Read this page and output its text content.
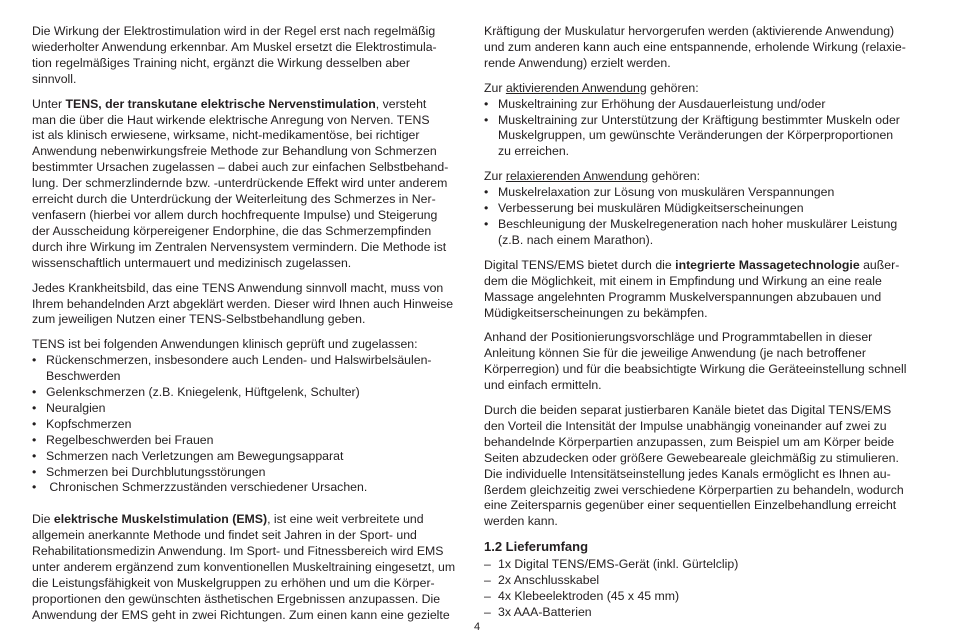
Die Wirkung der Elektrostimulation wird in der Regel erst nach regelmäßig
wiederholter Anwendung erkennbar. Am Muskel ersetzt die Elektrostimula-
tion regelmäßiges Training nicht, ergänzt die Wirkung desselben aber
sinnvoll.

Unter TENS, der transkutane elektrische Nervenstimulation, versteht
man die über die Haut wirkende elektrische Anregung von Nerven. TENS
ist als klinisch erwiesene, wirksame, nicht-medikamentöse, bei richtiger
Anwendung nebenwirkungsfreie Methode zur Behandlung von Schmerzen
bestimmter Ursachen zugelassen – dabei auch zur einfachen Selbstbehand-
lung. Der schmerzlindernde bzw. -unterdrückende Effekt wird unter anderem
erreicht durch die Unterdrückung der Weiterleitung des Schmerzes in Ner-
venfasern (hierbei vor allem durch hochfrequente Impulse) und Steigerung
der Ausscheidung körpereigener Endorphine, die das Schmerzempfinden
durch ihre Wirkung im Zentralen Nervensystem vermindern. Die Methode ist
wissenschaftlich untermauert und medizinisch zugelassen.

Jedes Krankheitsbild, das eine TENS Anwendung sinnvoll macht, muss von
Ihrem behandelnden Arzt abgeklärt werden. Dieser wird Ihnen auch Hinweise
zum jeweiligen Nutzen einer TENS-Selbstbehandlung geben.

TENS ist bei folgenden Anwendungen klinisch geprüft und zugelassen:

• Rückenschmerzen, insbesondere auch Lenden- und Halswirbelsäulen-
Beschwerden
• Gelenkschmerzen (z.B. Kniegelenk, Hüftgelenk, Schulter)
• Neuralgien
• Kopfschmerzen
• Regelbeschwerden bei Frauen
• Schmerzen nach Verletzungen am Bewegungsapparat
• Schmerzen bei Durchblutungsstörungen
•  Chronischen Schmerzzuständen verschiedener Ursachen.

Die elektrische Muskelstimulation (EMS), ist eine weit verbreitete und
allgemein anerkannte Methode und findet seit Jahren in der Sport- und
Rehabilitationsmedizin Anwendung. Im Sport- und Fitnessbereich wird EMS
unter anderem ergänzend zum konventionellen Muskeltraining eingesetzt, um
die Leistungsfähigkeit von Muskelgruppen zu erhöhen und um die Körper-
proportionen den gewünschten ästhetischen Ergebnissen anzupassen. Die
Anwendung der EMS geht in zwei Richtungen. Zum einen kann eine gezielte

Kräftigung der Muskulatur hervorgerufen werden (aktivierende Anwendung)
und zum anderen kann auch eine entspannende, erholende Wirkung (relaxie-
rende Anwendung) erzielt werden.

Zur aktivierenden Anwendung gehören:

• Muskeltraining zur Erhöhung der Ausdauerleistung und/oder
• Muskeltraining zur Unterstützung der Kräftigung bestimmter Muskeln oder
Muskelgruppen, um gewünschte Veränderungen der Körperproportionen
zu erreichen.

Zur relaxierenden Anwendung gehören:

• Muskelrelaxation zur Lösung von muskulären Verspannungen
• Verbesserung bei muskulären Müdigkeitserscheinungen
• Beschleunigung der Muskelregeneration nach hoher muskulärer Leistung
(z.B. nach einem Marathon).

Digital TENS/EMS bietet durch die integrierte Massagetechnologie außer-
dem die Möglichkeit, mit einem in Empfindung und Wirkung an eine reale
Massage angelehnten Programm Muskelverspannungen abzubauen und
Müdigkeitserscheinungen zu bekämpfen.

Anhand der Positionierungsvorschläge und Programmtabellen in dieser
Anleitung können Sie für die jeweilige Anwendung (je nach betroffener
Körperregion) und für die beabsichtigte Wirkung die Geräteeinstellung schnell
und einfach ermitteln.

Durch die beiden separat justierbaren Kanäle bietet das Digital TENS/EMS
den Vorteil die Intensität der Impulse unabhängig voneinander auf zwei zu
behandelnde Körperpartien anzupassen, zum Beispiel um am Körper beide
Seiten abzudecken oder größere Gewebeareale gleichmäßig zu stimulieren.
Die individuelle Intensitätseinstellung jedes Kanals ermöglicht es Ihnen au-
ßerdem gleichzeitig zwei verschiedene Körperpartien zu behandeln, wodurch
eine Zeitersparnis gegenüber einer sequentiellen Einzelbehandlung erreicht
werden kann.

1.2 Lieferumfang
– 1x Digital TENS/EMS-Gerät (inkl. Gürtelclip)
– 2x Anschlusskabel
– 4x Klebeelektroden (45 x 45 mm)
– 3x AAA-Batterien
4
